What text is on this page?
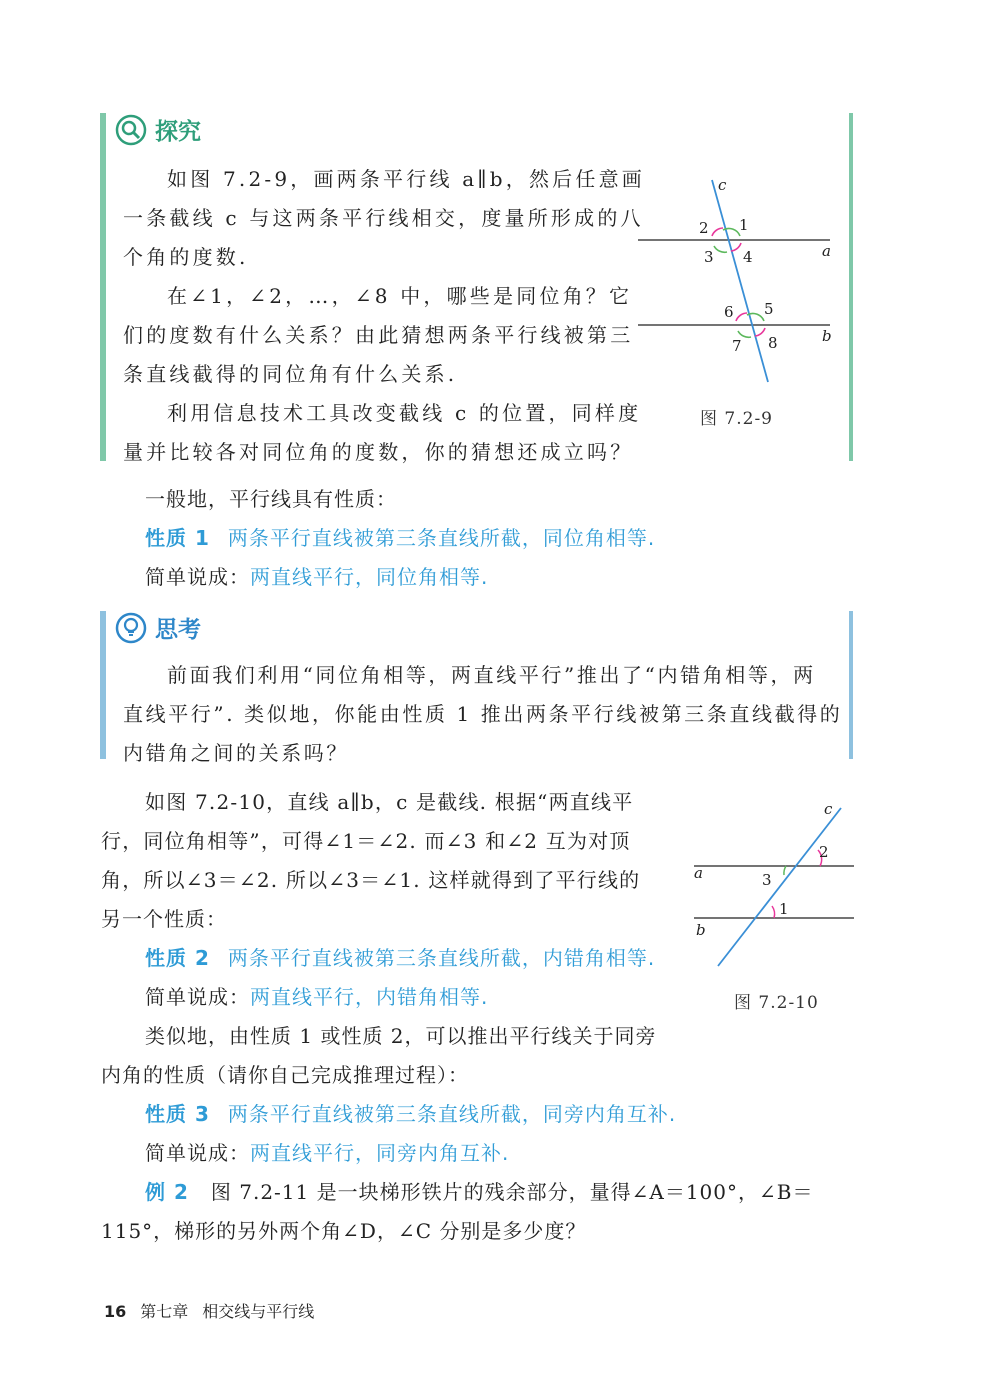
探究
如图 7.2-9，画两条平行线 a∥b，然后任意画
一条截线 c 与这两条平行线相交，度量所形成的八
个角的度数.
在∠1，∠2，…，∠8 中，哪些是同位角？它
们的度数有什么关系？由此猜想两条平行线被第三
条直线截得的同位角有什么关系.
利用信息技术工具改变截线 c 的位置，同样度
量并比较各对同位角的度数，你的猜想还成立吗？
c
a
b
1
2
3 4
5
6
7 8
图 7.2-9
一般地，平行线具有性质：
性质 1 两条平行直线被第三条直线所截，同位角相等.
简单说成：两直线平行，同位角相等.
思考
前面我们利用“同位角相等，两直线平行”推出了“内错角相等，两
直线平行”. 类似地，你能由性质 1 推出两条平行线被第三条直线截得的
内错角之间的关系吗？
如图 7.2-10，直线 a∥b，c 是截线. 根据“两直线平
行，同位角相等”，可得∠1＝∠2. 而∠3 和∠2 互为对顶
角，所以∠3＝∠2. 所以∠3＝∠1. 这样就得到了平行线的
另一个性质：
c
a
b
2
3
1
图 7.2-10
性质 2 两条平行直线被第三条直线所截，内错角相等.
简单说成：两直线平行，内错角相等.
类似地，由性质 1 或性质 2，可以推出平行线关于同旁
内角的性质（请你自己完成推理过程）：
性质 3 两条平行直线被第三条直线所截，同旁内角互补.
简单说成：两直线平行，同旁内角互补.
例 2 图 7.2-11 是一块梯形铁片的残余部分，量得∠A＝100°，∠B＝
115°，梯形的另外两个角∠D，∠C 分别是多少度？
16 第七章 相交线与平行线
